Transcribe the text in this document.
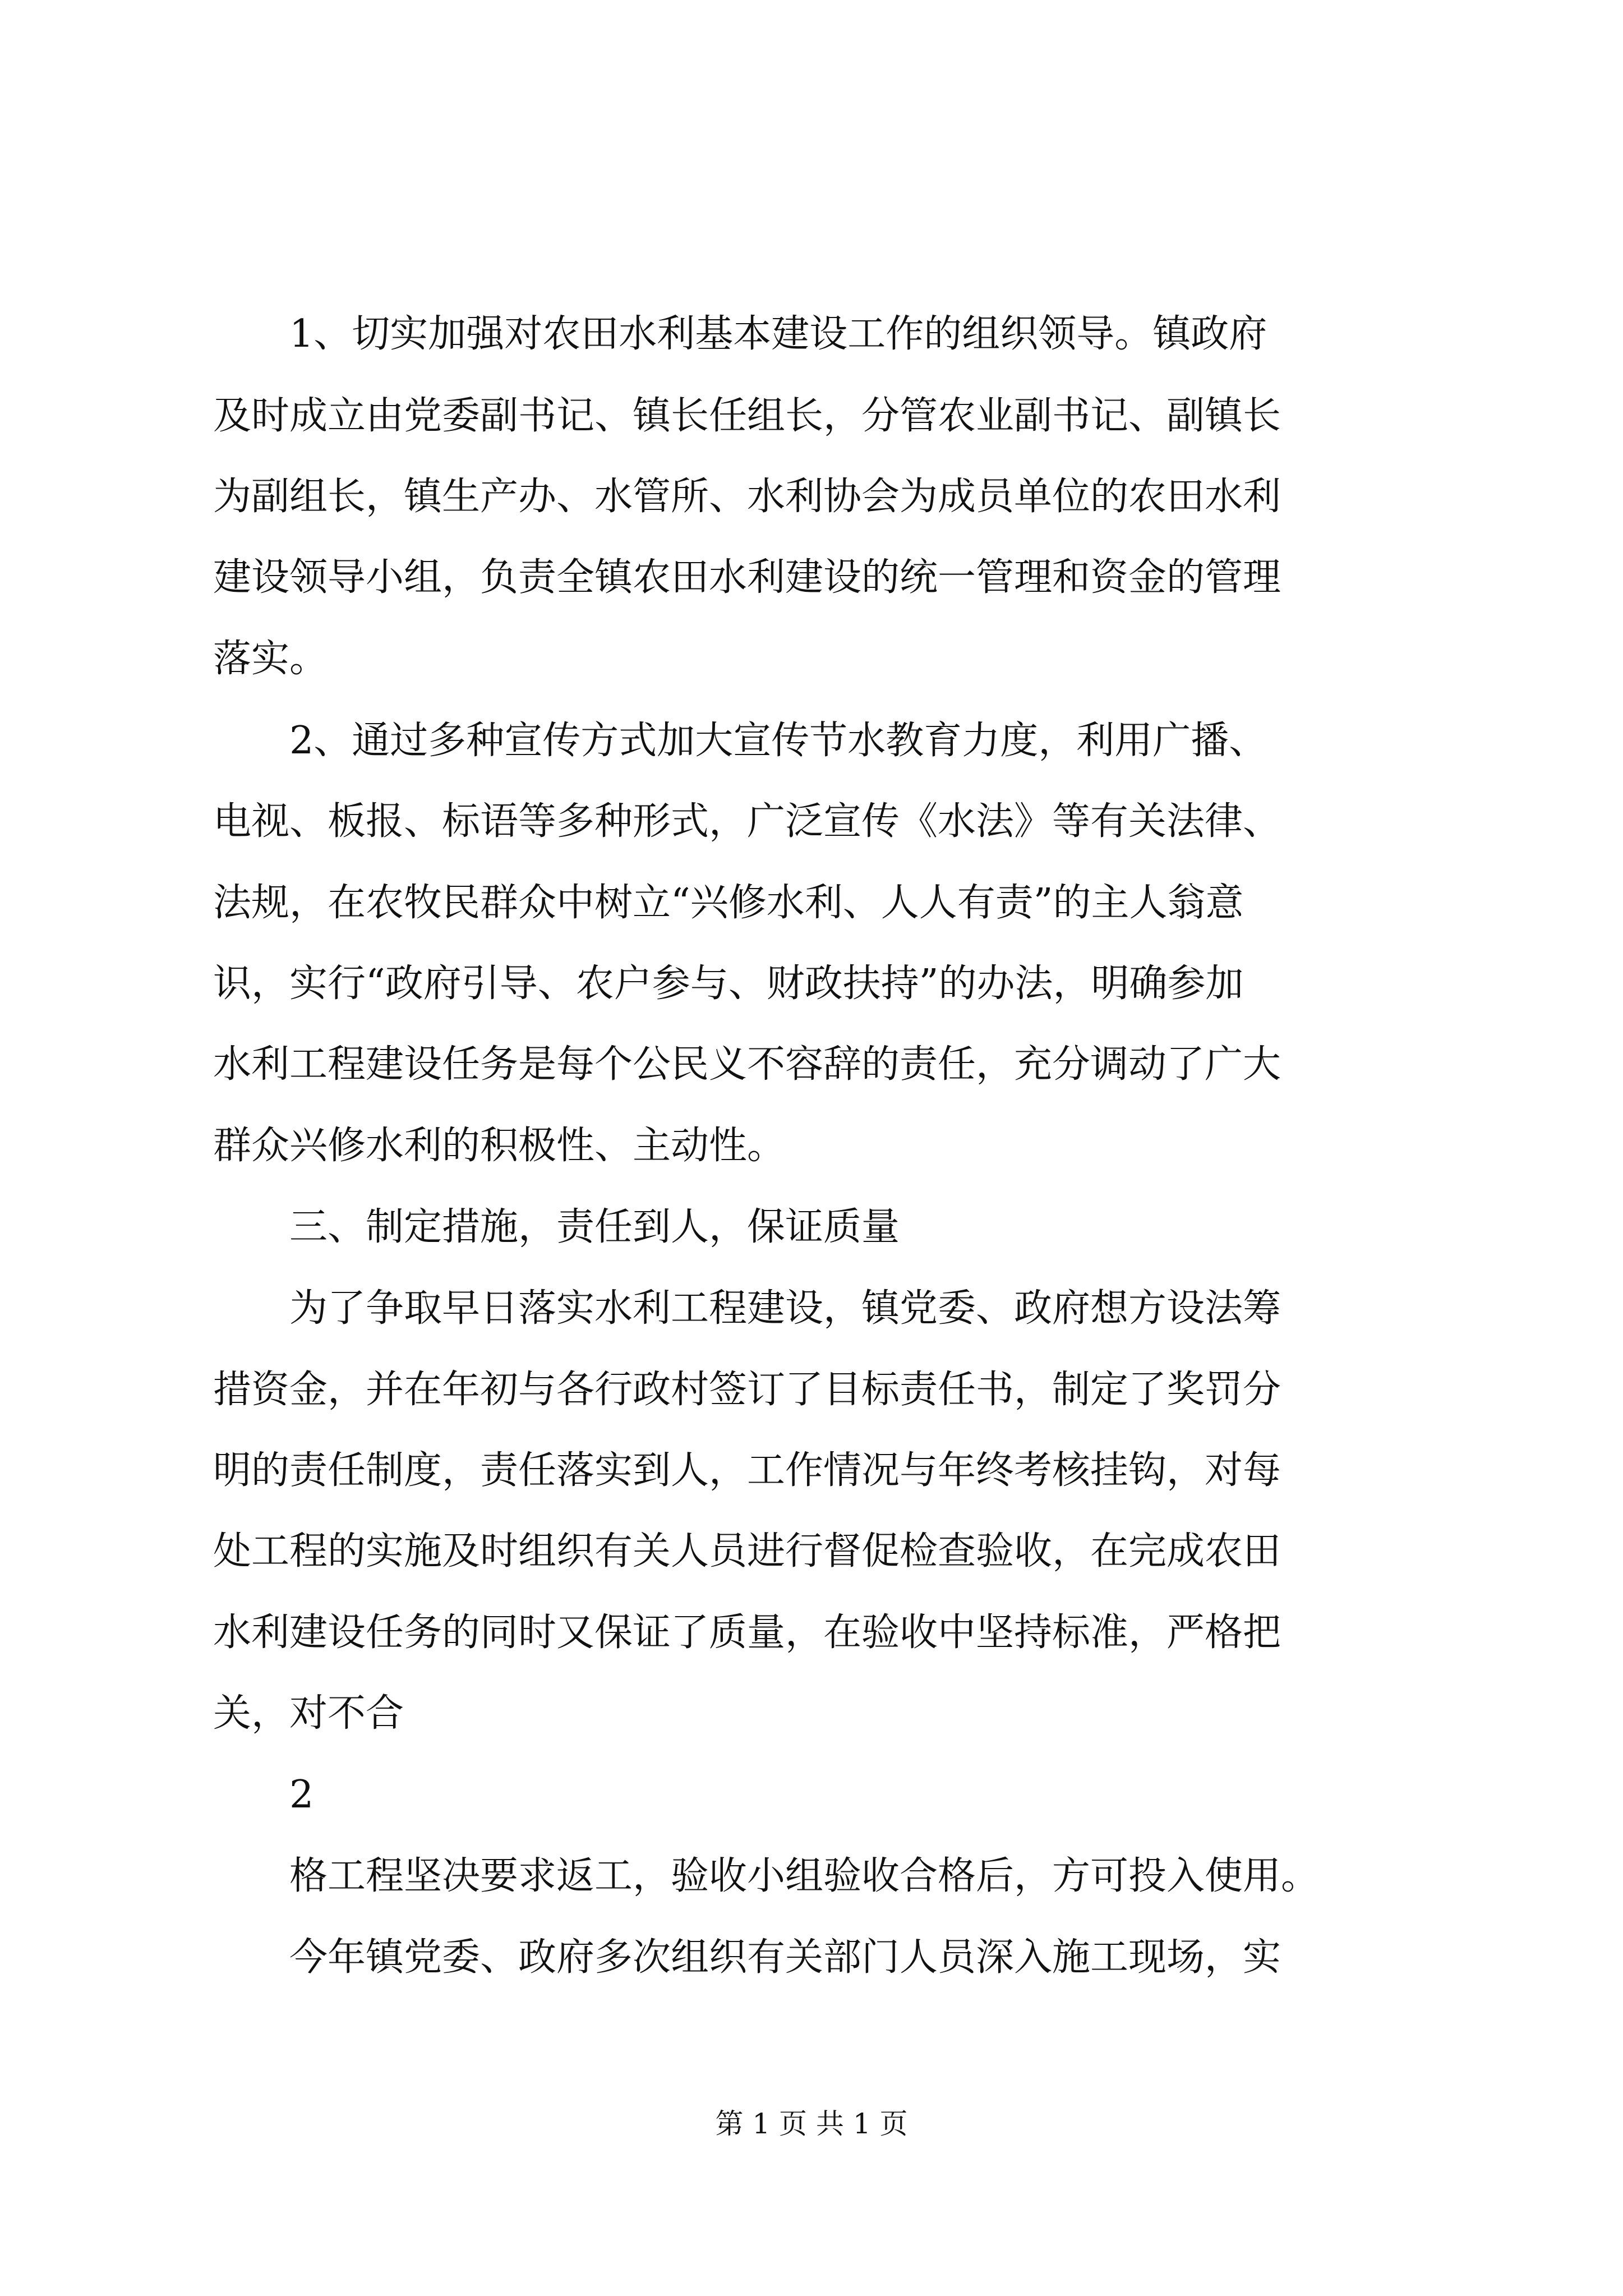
　　1、切实加强对农田水利基本建设工作的组织领导。镇政府
及时成立由党委副书记、镇长任组长，分管农业副书记、副镇长
为副组长，镇生产办、水管所、水利协会为成员单位的农田水利
建设领导小组，负责全镇农田水利建设的统一管理和资金的管理
落实。
　　2、通过多种宣传方式加大宣传节水教育力度，利用广播、
电视、板报、标语等多种形式，广泛宣传《水法》等有关法律、
法规，在农牧民群众中树立“兴修水利、人人有责”的主人翁意
识，实行“政府引导、农户参与、财政扶持”的办法，明确参加
水利工程建设任务是每个公民义不容辞的责任，充分调动了广大
群众兴修水利的积极性、主动性。
　　三、制定措施，责任到人，保证质量
　　为了争取早日落实水利工程建设，镇党委、政府想方设法筹
措资金，并在年初与各行政村签订了目标责任书，制定了奖罚分
明的责任制度，责任落实到人，工作情况与年终考核挂钩，对每
处工程的实施及时组织有关人员进行督促检查验收，在完成农田
水利建设任务的同时又保证了质量，在验收中坚持标准，严格把
关，对不合
　　2
　　格工程坚决要求返工，验收小组验收合格后，方可投入使用。
　　今年镇党委、政府多次组织有关部门人员深入施工现场，实
第 1 页 共 1 页
